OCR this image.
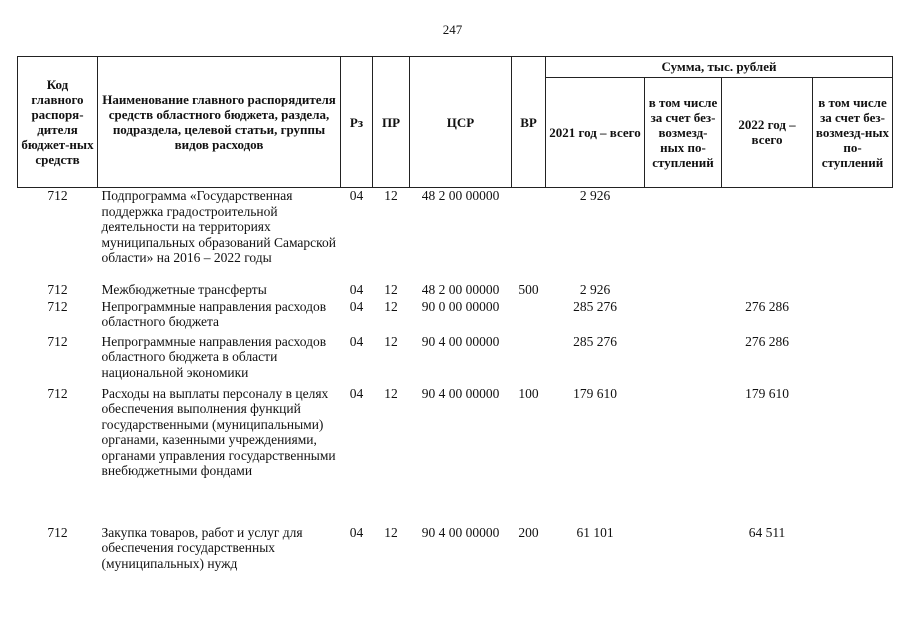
247
Код главного распоря-дителя бюджет-ных средств	Наименование главного распорядителя средств областного бюджета, раздела, подраздела, целевой статьи, группы видов расходов	Рз	ПР	ЦСР	ВР	Сумма, тыс. рублей			
						2021 год – всего	в том числе за счет без-возмезд-ных по-ступлений	2022 год – всего	в том числе за счет без-возмезд-ных по-ступлений
712	Подпрограмма «Государственная поддержка градостроительной деятельности на территориях муниципальных образований Самарской области» на 2016 – 2022 годы	04	12	48 2 00 00000		2 926			
712	Межбюджетные трансферты	04	12	48 2 00 00000	500	2 926			
712	Непрограммные направления расходов областного бюджета	04	12	90 0 00 00000		285 276		276 286	
712	Непрограммные направления расходов областного бюджета в области национальной экономики	04	12	90 4 00 00000		285 276		276 286	
712	Расходы на выплаты персоналу в целях обеспечения выполнения функций государственными (муниципальными) органами, казенными учреждениями, органами управления государственными внебюджетными фондами	04	12	90 4 00 00000	100	179 610		179 610	
712	Закупка товаров, работ и услуг для обеспечения государственных (муниципальных) нужд	04	12	90 4 00 00000	200	61 101		64 511	
